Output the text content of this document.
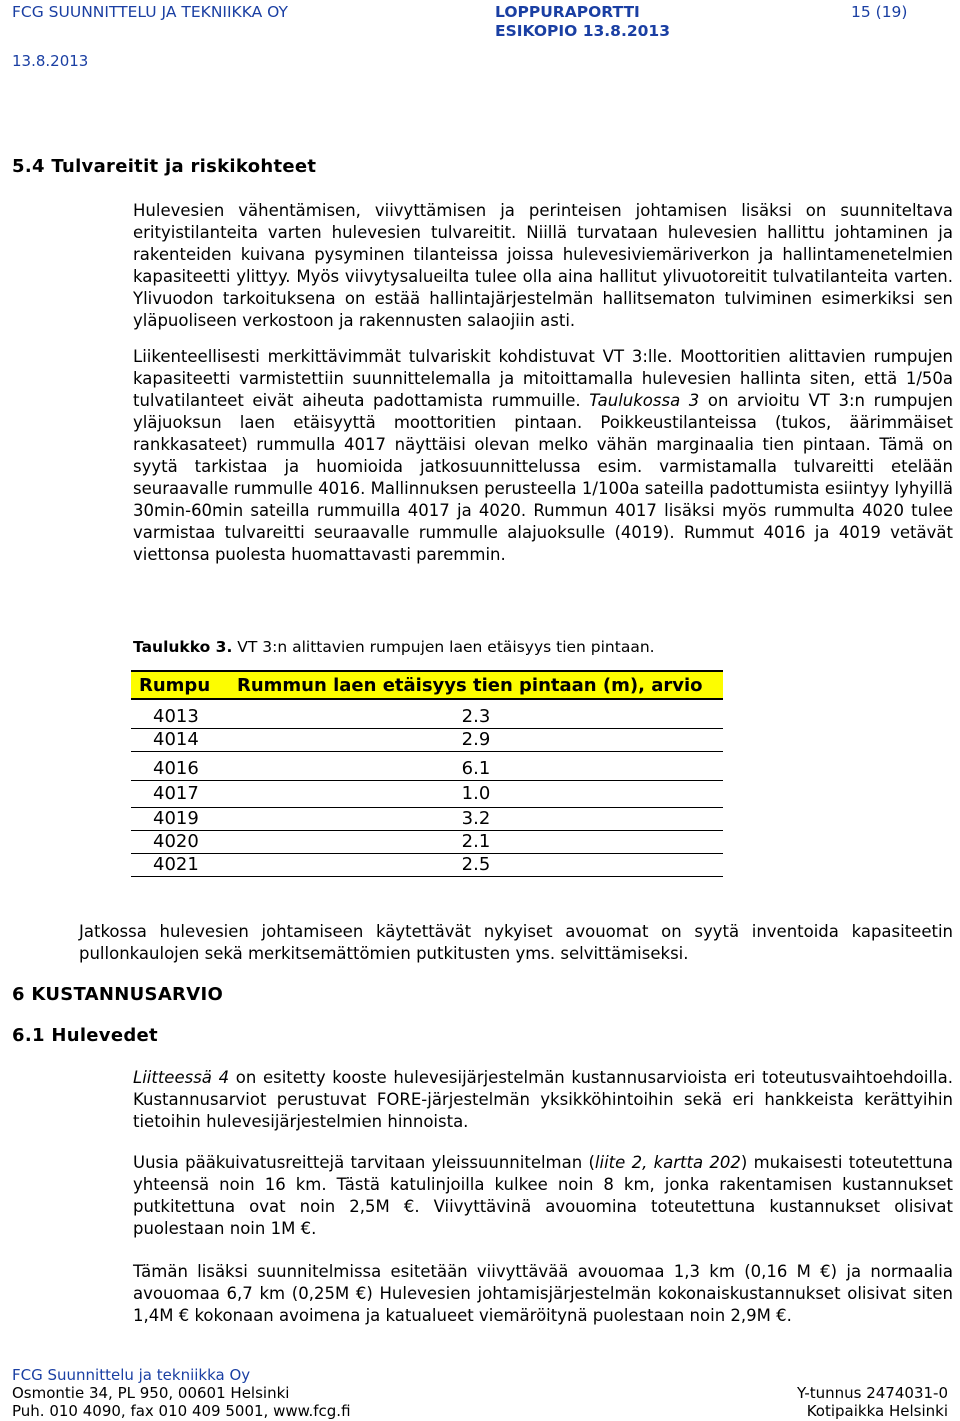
FCG SUUNNITTELU JA TEKNIIKKA OY	LOPPURAPORTTI
ESIKOPIO 13.8.2013
15 (19)
13.8.2013
5.4 Tulvareitit ja riskikohteet

Hulevesien vähentämisen, viivyttämisen ja perinteisen johtamisen lisäksi on suunniteltava erityistilanteita varten hulevesien tulvareitit. Niillä turvataan hulevesien hallittu johtaminen ja rakenteiden kuivana pysyminen tilanteissa joissa hulevesiviemäriverkon ja hallintamenetelmien kapasiteetti ylittyy. Myös viivytysalueilta tulee olla aina hallitut ylivuotoreitit tulvatilanteita varten. Ylivuodon tarkoituksena on estää hallintajärjestelmän hallitsematon tulviminen esimerkiksi sen yläpuoliseen verkostoon ja rakennusten salaojiin asti.

Liikenteellisesti merkittävimmät tulvariskit kohdistuvat VT 3:lle. Moottoritien alittavien rumpujen kapasiteetti varmistettiin suunnittelemalla ja mitoittamalla hulevesien hallinta siten, että 1/50a tulvatilanteet eivät aiheuta padottamista rummuille. Taulukossa 3 on arvioitu VT 3:n rumpujen yläjuoksun laen etäisyyttä moottoritien pintaan. Poikkeustilanteissa (tukos, äärimmäiset rankkasateet) rummulla 4017 näyttäisi olevan melko vähän marginaalia tien pintaan. Tämä on syytä tarkistaa ja huomioida jatkosuunnittelussa esim. varmistamalla tulvareitti etelään seuraavalle rummulle 4016. Mallinnuksen perusteella 1/100a sateilla padottumista esiintyy lyhyillä 30min-60min sateilla rummuilla 4017 ja 4020. Rummun 4017 lisäksi myös rummulta 4020 tulee varmistaa tulvareitti seuraavalle rummulle alajuoksulle (4019). Rummut 4016 ja 4019 vetävät viettonsa puolesta huomattavasti paremmin.

Taulukko 3. VT 3:n alittavien rumpujen laen etäisyys tien pintaan.
Rumpu	Rummun laen etäisyys tien pintaan (m), arvio

4013	2.3
4014	2.9

4016	6.1
4017	1.0
4019	3.2
4020	2.1
4021	2.5

Jatkossa hulevesien johtamiseen käytettävät nykyiset avouomat on syytä inventoida kapasiteetin pullonkaulojen sekä merkitsemättömien putkitusten yms. selvittämiseksi.

6 KUSTANNUSARVIO
6.1 Hulevedet

Liitteessä 4 on esitetty kooste hulevesijärjestelmän kustannusarvioista eri toteutusvaihtoehdoilla. Kustannusarviot perustuvat FORE-järjestelmän yksikköhintoihin sekä eri hankkeista kerättyihin tietoihin hulevesijärjestelmien hinnoista.

Uusia pääkuivatusreittejä tarvitaan yleissuunnitelman (liite 2, kartta 202) mukaisesti toteutettuna yhteensä noin 16 km. Tästä katulinjoilla kulkee noin 8 km, jonka rakentamisen kustannukset putkitettuna ovat noin 2,5M €. Viivyttävinä avouomina toteutettuna kustannukset olisivat puolestaan noin 1M €.

Tämän lisäksi suunnitelmissa esitetään viivyttävää avouomaa 1,3 km (0,16 M €) ja normaalia avouomaa 6,7 km (0,25M €) Hulevesien johtamisjärjestelmän kokonaiskustannukset olisivat siten 1,4M € kokonaan avoimena ja katualueet viemäröitynä puolestaan noin 2,9M €.

FCG Suunnittelu ja tekniikka Oy
Osmontie 34, PL 950, 00601 Helsinki
Puh. 010 4090, fax 010 409 5001, www.fcg.fi
Y-tunnus 2474031-0
Kotipaikka Helsinki
